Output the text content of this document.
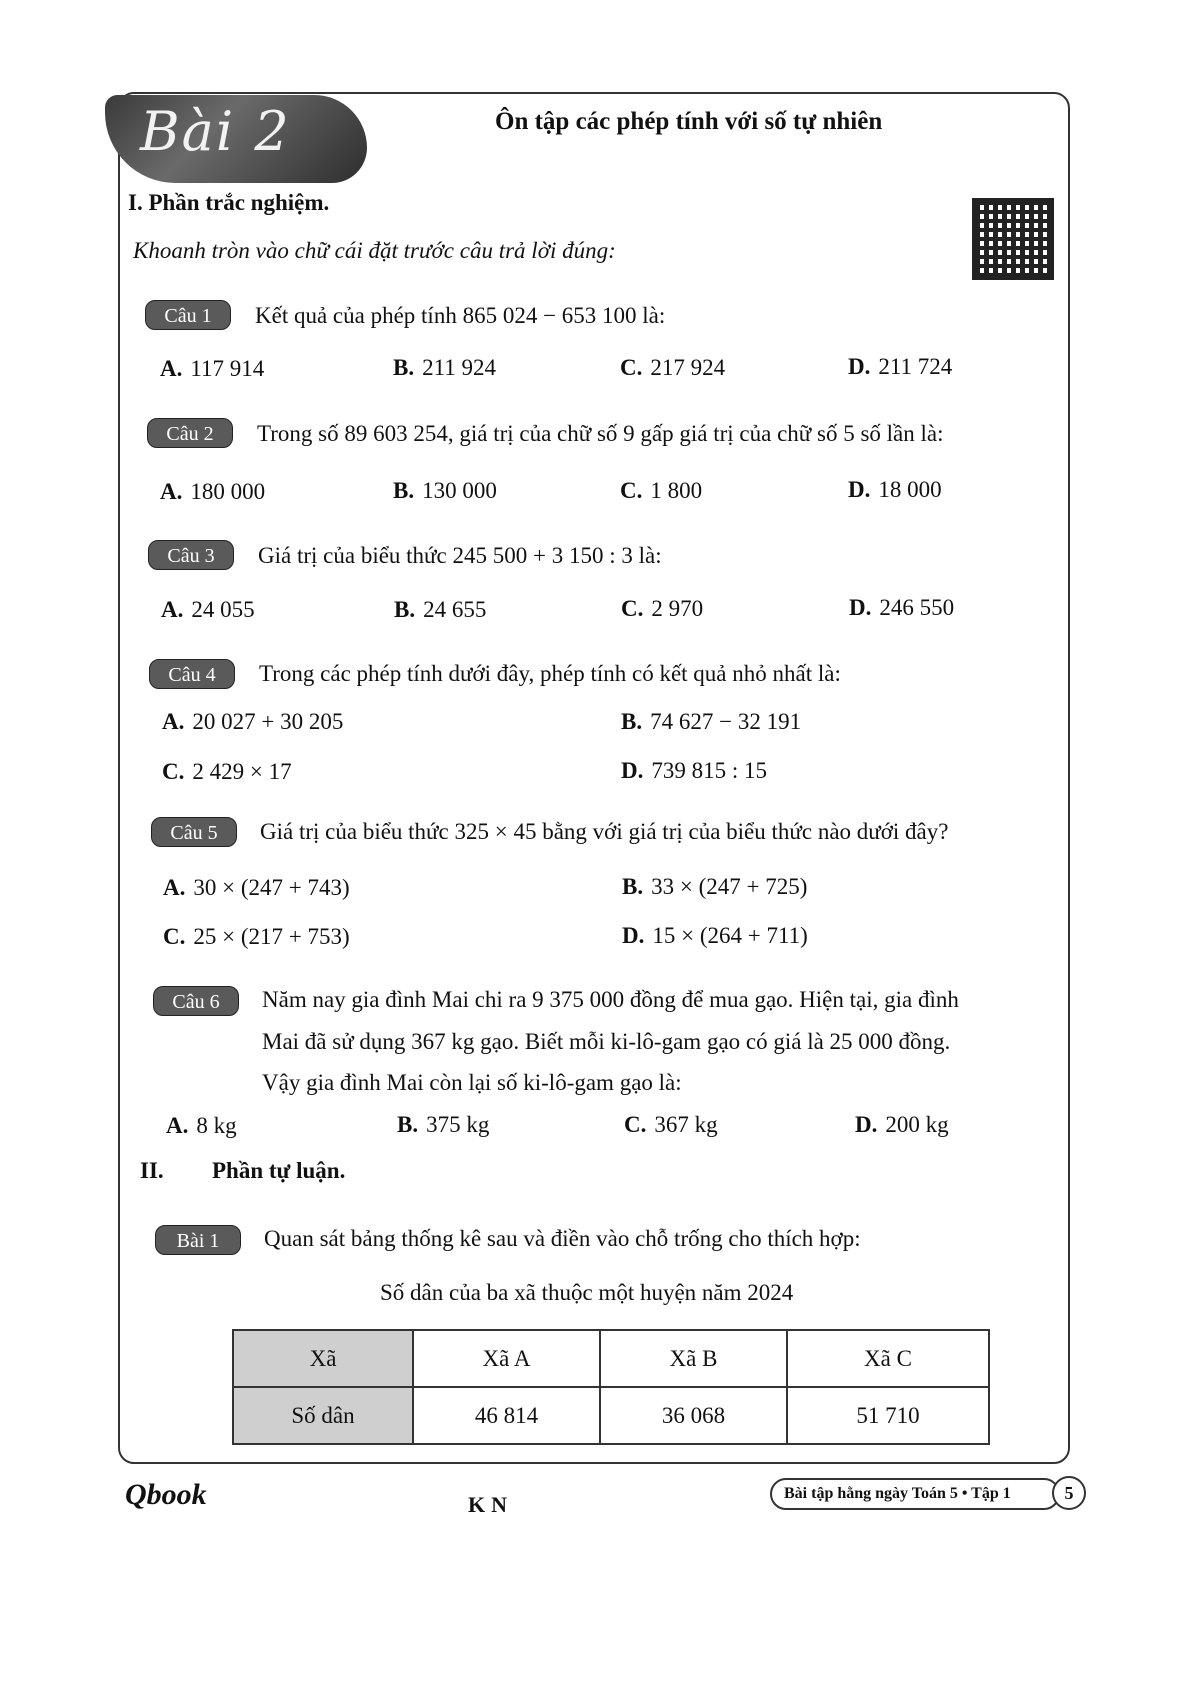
Bài 2	Ôn tập các phép tính với số tự nhiên
I. Phần trắc nghiệm.
Khoanh tròn vào chữ cái đặt trước câu trả lời đúng:
Câu 1	Kết quả của phép tính 865 024 − 653 100 là:
A. 117 914	B. 211 924	C. 217 924	D. 211 724
Câu 2	Trong số 89 603 254, giá trị của chữ số 9 gấp giá trị của chữ số 5 số lần là:
A. 180 000	B. 130 000	C. 1 800	D. 18 000
Câu 3	Giá trị của biểu thức 245 500 + 3 150 : 3 là:
A. 24 055	B. 24 655	C. 2 970	D. 246 550
Câu 4	Trong các phép tính dưới đây, phép tính có kết quả nhỏ nhất là:
A. 20 027 + 30 205	B. 74 627 − 32 191
C. 2 429 × 17	D. 739 815 : 15
Câu 5	Giá trị của biểu thức 325 × 45 bằng với giá trị của biểu thức nào dưới đây?
A. 30 × (247 + 743)	B. 33 × (247 + 725)
C. 25 × (217 + 753)	D. 15 × (264 + 711)
Câu 6	Năm nay gia đình Mai chi ra 9 375 000 đồng để mua gạo. Hiện tại, gia đình
Mai đã sử dụng 367 kg gạo. Biết mỗi ki-lô-gam gạo có giá là 25 000 đồng.
Vậy gia đình Mai còn lại số ki-lô-gam gạo là:
A. 8 kg	B. 375 kg	C. 367 kg	D. 200 kg
II. Phần tự luận.
Bài 1	Quan sát bảng thống kê sau và điền vào chỗ trống cho thích hợp:
Số dân của ba xã thuộc một huyện năm 2024
Xã	Xã A	Xã B	Xã C
Số dân	46 814	36 068	51 710
Qbook	KN	Bài tập hằng ngày Toán 5 • Tập 1	5
